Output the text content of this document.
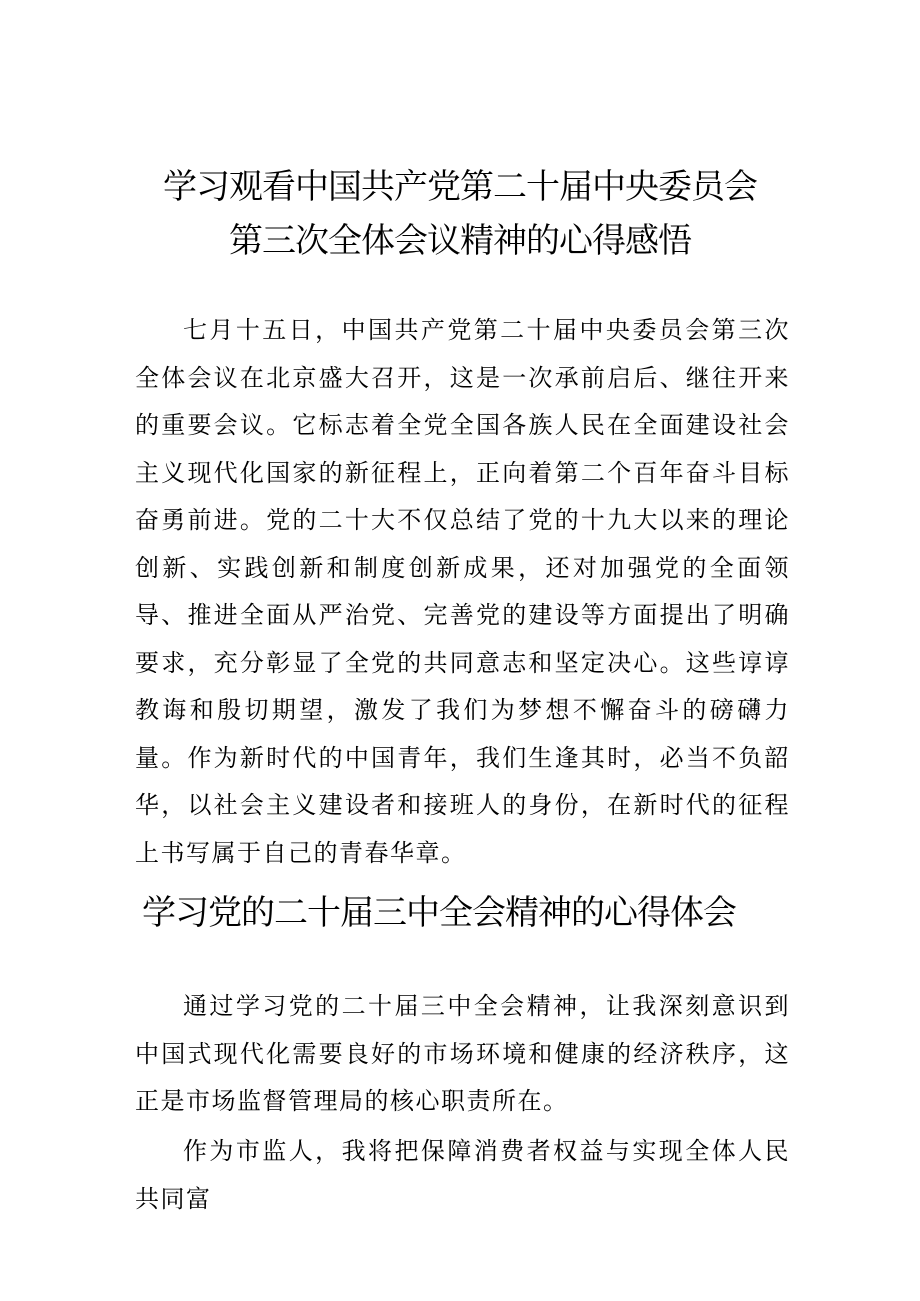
学习观看中国共产党第二十届中央委员会
第三次全体会议精神的心得感悟

七月十五日，中国共产党第二十届中央委员会第三次全体会议在北京盛大召开，这是一次承前启后、继往开来的重要会议。它标志着全党全国各族人民在全面建设社会主义现代化国家的新征程上，正向着第二个百年奋斗目标奋勇前进。党的二十大不仅总结了党的十九大以来的理论创新、实践创新和制度创新成果，还对加强党的全面领导、推进全面从严治党、完善党的建设等方面提出了明确要求，充分彰显了全党的共同意志和坚定决心。这些谆谆教诲和殷切期望，激发了我们为梦想不懈奋斗的磅礴力量。作为新时代的中国青年，我们生逢其时，必当不负韶华，以社会主义建设者和接班人的身份，在新时代的征程上书写属于自己的青春华章。

学习党的二十届三中全会精神的心得体会

通过学习党的二十届三中全会精神，让我深刻意识到中国式现代化需要良好的市场环境和健康的经济秩序，这正是市场监督管理局的核心职责所在。

作为市监人，我将把保障消费者权益与实现全体人民共同富
